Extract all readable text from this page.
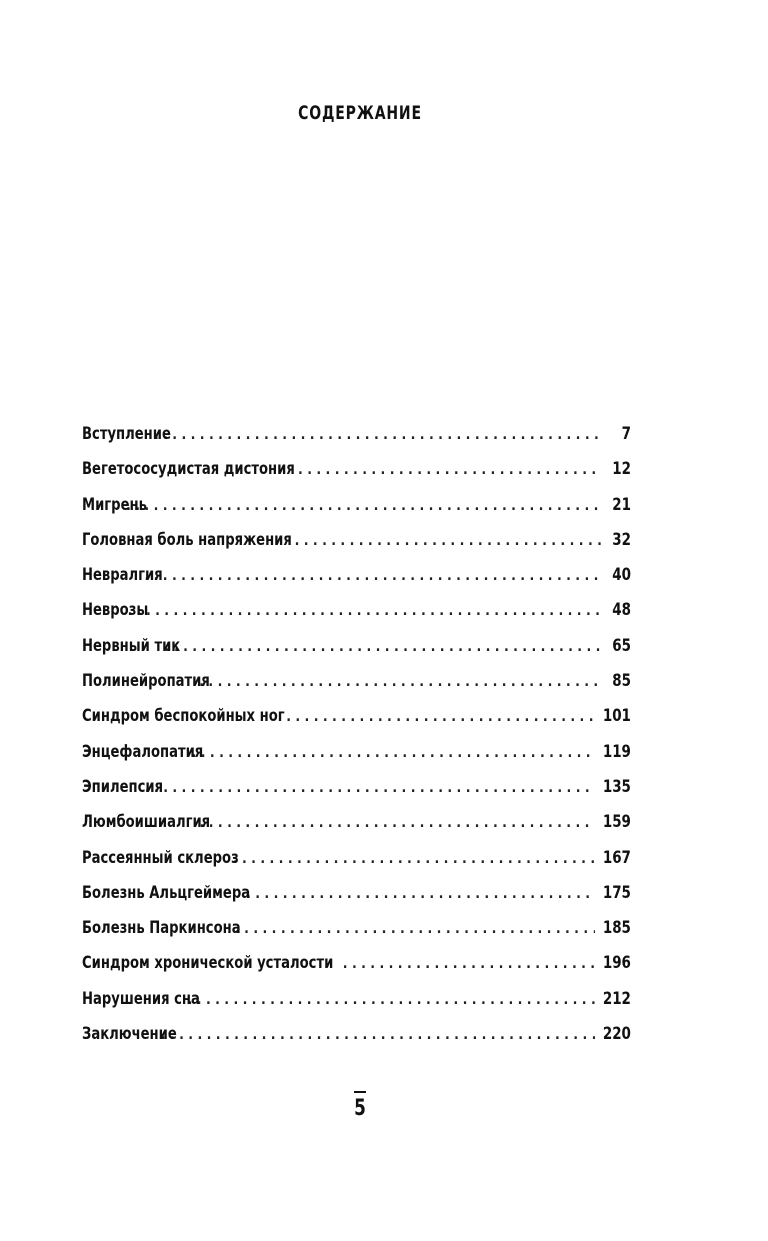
СОДЕРЖАНИЕ
Вступление . . .	7
Вегетососудистая дистония . . .	12
Мигрень . . .	21
Головная боль напряжения . . .	32
Невралгия . . .	40
Неврозы . . .	48
Нервный тик . . .	65
Полинейропатия . . .	85
Синдром беспокойных ног . . .	101
Энцефалопатия . . .	119
Эпилепсия . . .	135
Люмбоишиалгия . . .	159
Рассеянный склероз . . .	167
Болезнь Альцгеймера . . .	175
Болезнь Паркинсона . . .	185
Синдром хронической усталости . . .	196
Нарушения сна . . .	212
Заключение . . .	220
5
